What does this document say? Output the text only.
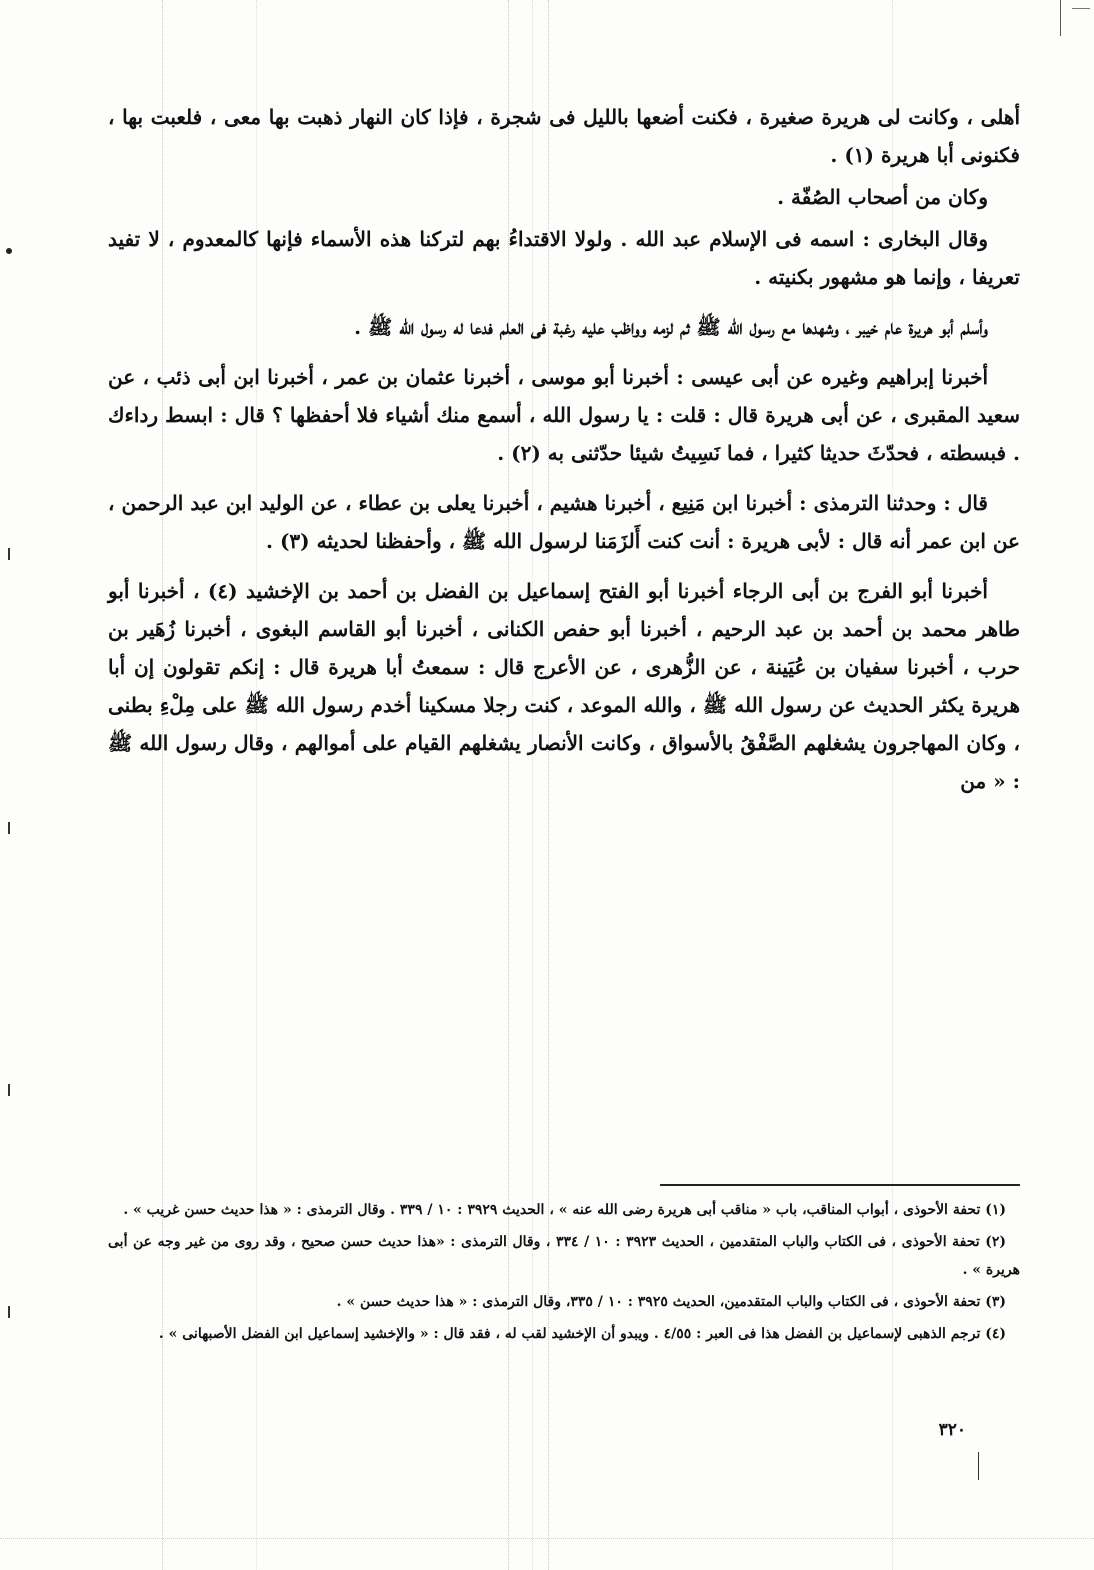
أهلى ، وكانت لى هريرة صغيرة ، فكنت أضعها بالليل فى شجرة ، فإذا كان النهار ذهبت بها معى ، فلعبت بها ، فكنونى أبا هريرة (١) .

وكان من أصحاب الصُفّة .

وقال البخارى : اسمه فى الإسلام عبد الله . ولولا الاقتداءُ بهم لتركنا هذه الأسماء فإنها كالمعدوم ، لا تفيد تعريفا ، وإنما هو مشهور بكنيته .

وأسلم أبو هريرة عام خيبر ، وشهدها مع رسول الله ﷺ ثم لزمه وواظب عليه رغبة فى العلم فدعا له رسول الله ﷺ .

أخبرنا إبراهيم وغيره عن أبى عيسى : أخبرنا أبو موسى ، أخبرنا عثمان بن عمر ، أخبرنا ابن أبى ذئب ، عن سعيد المقبرى ، عن أبى هريرة قال : قلت : يا رسول الله ، أسمع منك أشياء فلا أحفظها ؟ قال : ابسط رداءك . فبسطته ، فحدّثَ حديثا كثيرا ، فما نَسِيتُ شيئا حدّثنى به (٢) .

قال : وحدثنا الترمذى : أخبرنا ابن مَنِيع ، أخبرنا هشيم ، أخبرنا يعلى بن عطاء ، عن الوليد ابن عبد الرحمن ، عن ابن عمر أنه قال : لأبى هريرة : أنت كنت أَلزَمَنا لرسول الله ﷺ ، وأحفظنا لحديثه (٣) .

أخبرنا أبو الفرج بن أبى الرجاء أخبرنا أبو الفتح إسماعيل بن الفضل بن أحمد بن الإخشيد (٤) ، أخبرنا أبو طاهر محمد بن أحمد بن عبد الرحيم ، أخبرنا أبو حفص الكنانى ، أخبرنا أبو القاسم البغوى ، أخبرنا زُهَير بن حرب ، أخبرنا سفيان بن عُيَينة ، عن الزُّهرى ، عن الأعرج قال : سمعتُ أبا هريرة قال : إنكم تقولون إن أبا هريرة يكثر الحديث عن رسول الله ﷺ ، والله الموعد ، كنت رجلا مسكينا أخدم رسول الله ﷺ على مِلْءِ بطنى ، وكان المهاجرون يشغلهم الصَّفْقُ بالأسواق ، وكانت الأنصار يشغلهم القيام على أموالهم ، وقال رسول الله ﷺ : « من

(١) تحفة الأحوذى ، أبواب المناقب، باب « مناقب أبى هريرة رضى الله عنه » ، الحديث ٣٩٢٩ : ١٠ / ٣٣٩ . وقال الترمذى : « هذا حديث حسن غريب » .

(٢) تحفة الأحوذى ، فى الكتاب والباب المتقدمين ، الحديث ٣٩٢٣ : ١٠ / ٣٣٤ ، وقال الترمذى : «هذا حديث حسن صحيح ، وقد روى من غير وجه عن أبى هريرة » .

(٣) تحفة الأحوذى ، فى الكتاب والباب المتقدمين، الحديث ٣٩٢٥ : ١٠ / ٣٣٥، وقال الترمذى : « هذا حديث حسن » .

(٤) ترجم الذهبى لإسماعيل بن الفضل هذا فى العبر : ٤/٥٥ . ويبدو أن الإخشيد لقب له ، فقد قال : « والإخشيد إسماعيل ابن الفضل الأصبهانى » .

٣٢٠
